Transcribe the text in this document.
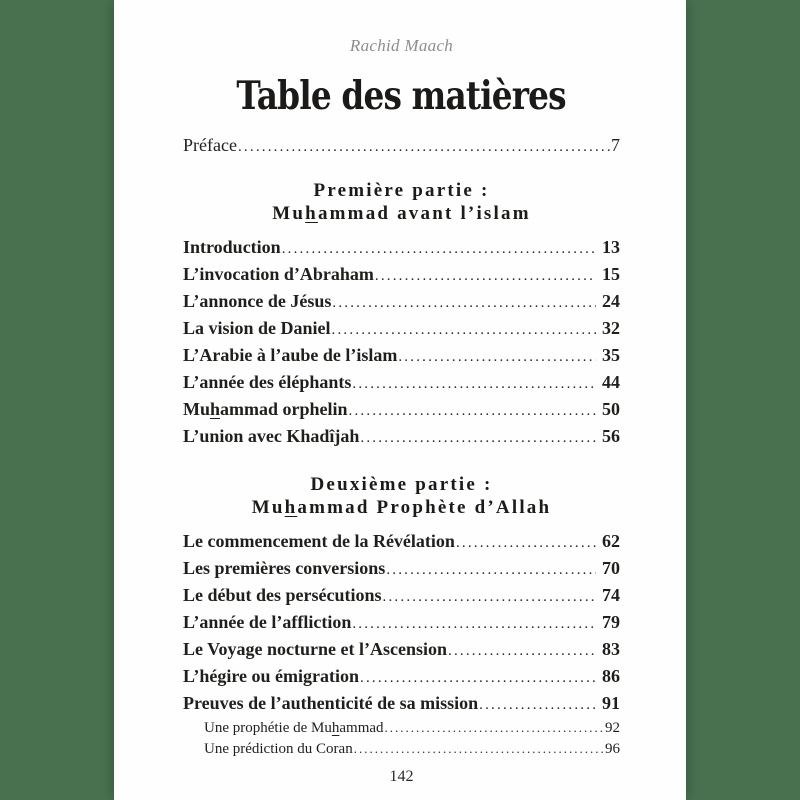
Rachid Maach
Table des matières
Préface .....	7
Première partie :
Muhammad avant l’islam
Introduction .....	13
L’invocation d’Abraham .....	15
L’annonce de Jésus .....	24
La vision de Daniel .....	32
L’Arabie à l’aube de l’islam .....	35
L’année des éléphants .....	44
Muhammad orphelin .....	50
L’union avec Khadîjah .....	56
Deuxième partie :
Muhammad Prophète d’Allah
Le commencement de la Révélation .....	62
Les premières conversions .....	70
Le début des persécutions .....	74
L’année de l’affliction .....	79
Le Voyage nocturne et l’Ascension .....	83
L’hégire ou émigration .....	86
Preuves de l’authenticité de sa mission .....	91
Une prophétie de Muhammad .....	92
Une prédiction du Coran .....	96
142
